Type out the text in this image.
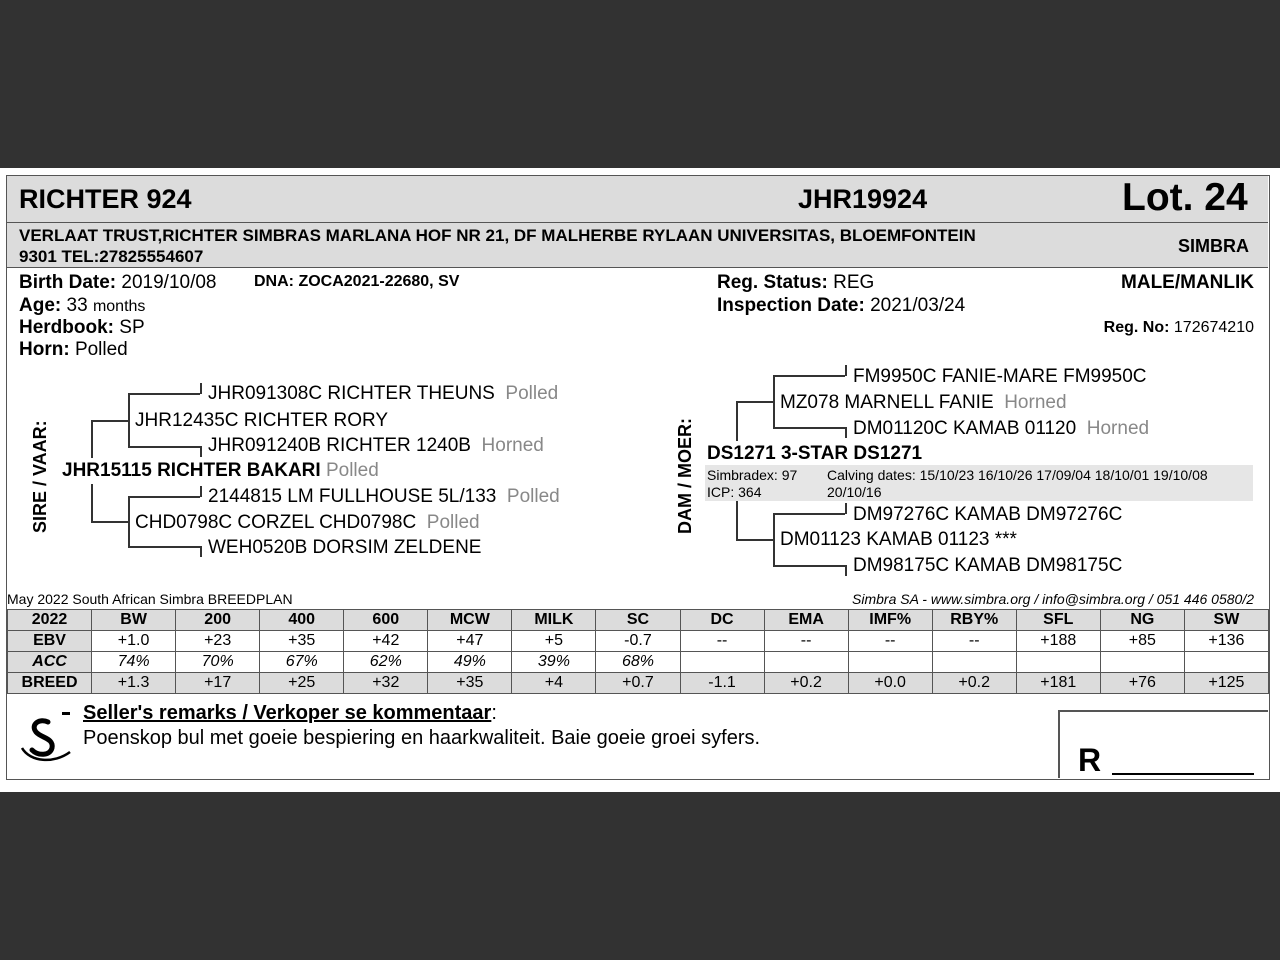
RICHTER 924	JHR19924	Lot. 24
VERLAAT TRUST,RICHTER SIMBRAS MARLANA HOF NR 21, DF MALHERBE RYLAAN UNIVERSITAS, BLOEMFONTEIN
9301 TEL:27825554607
SIMBRA
Birth Date: 2019/10/08 DNA: ZOCA2021-22680, SV
Age: 33 months
Herdbook: SP
Horn: Polled
Reg. Status: REG
Inspection Date: 2021/03/24
MALE/MANLIK
Reg. No: 172674210
SIRE / VAAR:
JHR091308C RICHTER THEUNS Polled
JHR12435C RICHTER RORY
JHR091240B RICHTER 1240B Horned
JHR15115 RICHTER BAKARI Polled
2144815 LM FULLHOUSE 5L/133 Polled
CHD0798C CORZEL CHD0798C Polled
WEH0520B DORSIM ZELDENE
DAM / MOER:
FM9950C FANIE-MARE FM9950C
MZ078 MARNELL FANIE Horned
DM01120C KAMAB 01120 Horned
DS1271 3-STAR DS1271
Simbradex: 97
ICP: 364
Calving dates: 15/10/23 16/10/26 17/09/04 18/10/01 19/10/08
20/10/16
DM97276C KAMAB DM97276C
DM01123 KAMAB 01123 ***
DM98175C KAMAB DM98175C
May 2022 South African Simbra BREEDPLAN	Simbra SA - www.simbra.org / info@simbra.org / 051 446 0580/2
2022	BW	200	400	600	MCW	MILK	SC	DC	EMA	IMF%	RBY%	SFL	NG	SW
EBV	+1.0	+23	+35	+42	+47	+5	-0.7	--	--	--	--	+188	+85	+136
ACC	74%	70%	67%	62%	49%	39%	68%							
BREED	+1.3	+17	+25	+32	+35	+4	+0.7	-1.1	+0.2	+0.0	+0.2	+181	+76	+125
Seller's remarks / Verkoper se kommentaar:
Poenskop bul met goeie bespiering en haarkwaliteit. Baie goeie groei syfers.
R
